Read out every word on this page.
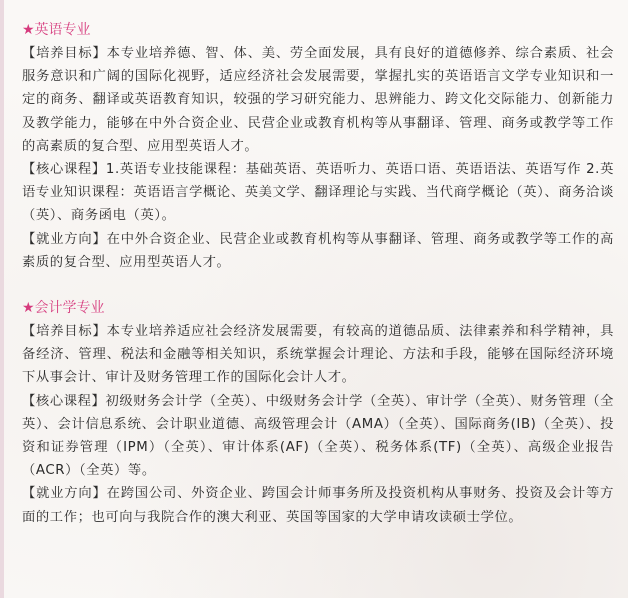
★英语专业

【培养目标】本专业培养德、智、体、美、劳全面发展，具有良好的道德修养、综合素质、社会服务意识和广阔的国际化视野，适应经济社会发展需要，掌握扎实的英语语言文学专业知识和一定的商务、翻译或英语教育知识，较强的学习研究能力、思辨能力、跨文化交际能力、创新能力及教学能力，能够在中外合资企业、民营企业或教育机构等从事翻译、管理、商务或教学等工作的高素质的复合型、应用型英语人才。

【核心课程】1.英语专业技能课程：基础英语、英语听力、英语口语、英语语法、英语写作 2.英语专业知识课程：英语语言学概论、英美文学、翻译理论与实践、当代商学概论（英）、商务洽谈（英）、商务函电（英）。

【就业方向】在中外合资企业、民营企业或教育机构等从事翻译、管理、商务或教学等工作的高素质的复合型、应用型英语人才。

★会计学专业

【培养目标】本专业培养适应社会经济发展需要，有较高的道德品质、法律素养和科学精神，具备经济、管理、税法和金融等相关知识，系统掌握会计理论、方法和手段，能够在国际经济环境下从事会计、审计及财务管理工作的国际化会计人才。

【核心课程】初级财务会计学（全英）、中级财务会计学（全英）、审计学（全英）、财务管理（全英）、会计信息系统、会计职业道德、高级管理会计（AMA）（全英）、国际商务(IB)（全英）、投资和证券管理（IPM）（全英）、审计体系(AF)（全英）、税务体系(TF)（全英）、高级企业报告（ACR）（全英）等。

【就业方向】在跨国公司、外资企业、跨国会计师事务所及投资机构从事财务、投资及会计等方面的工作；也可向与我院合作的澳大利亚、英国等国家的大学申请攻读硕士学位。
